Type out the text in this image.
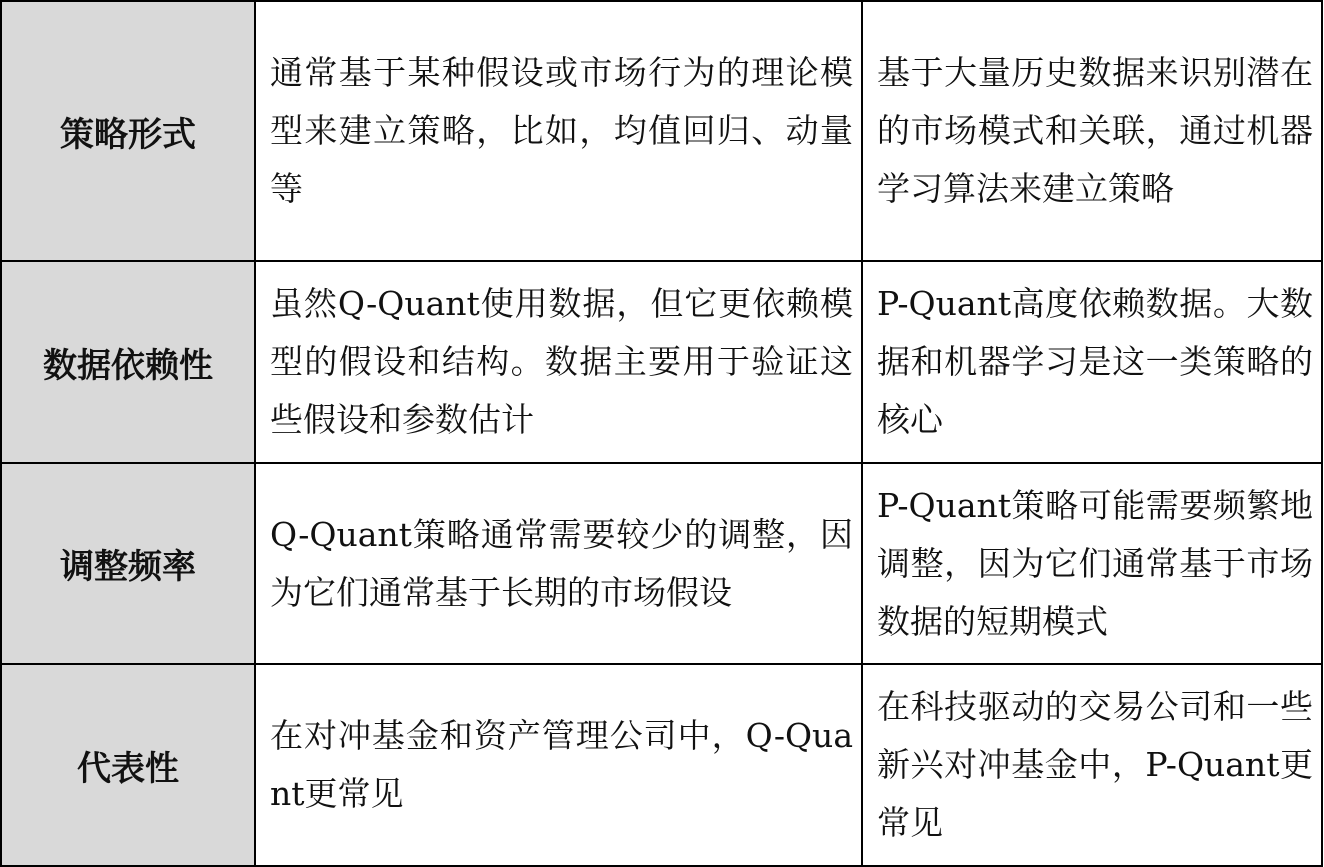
策略形式	通常基于某种假设或市场行为的理论模型来建立策略，比如，均值回归、动量等	基于大量历史数据来识别潜在的市场模式和关联，通过机器学习算法来建立策略
数据依赖性	虽然Q-Quant使用数据，但它更依赖模型的假设和结构。数据主要用于验证这些假设和参数估计	P-Quant高度依赖数据。大数据和机器学习是这一类策略的核心
调整频率	Q-Quant策略通常需要较少的调整，因为它们通常基于长期的市场假设	P-Quant策略可能需要频繁地调整，因为它们通常基于市场数据的短期模式
代表性	在对冲基金和资产管理公司中，Q-Quant更常见	在科技驱动的交易公司和一些新兴对冲基金中，P-Quant更常见
